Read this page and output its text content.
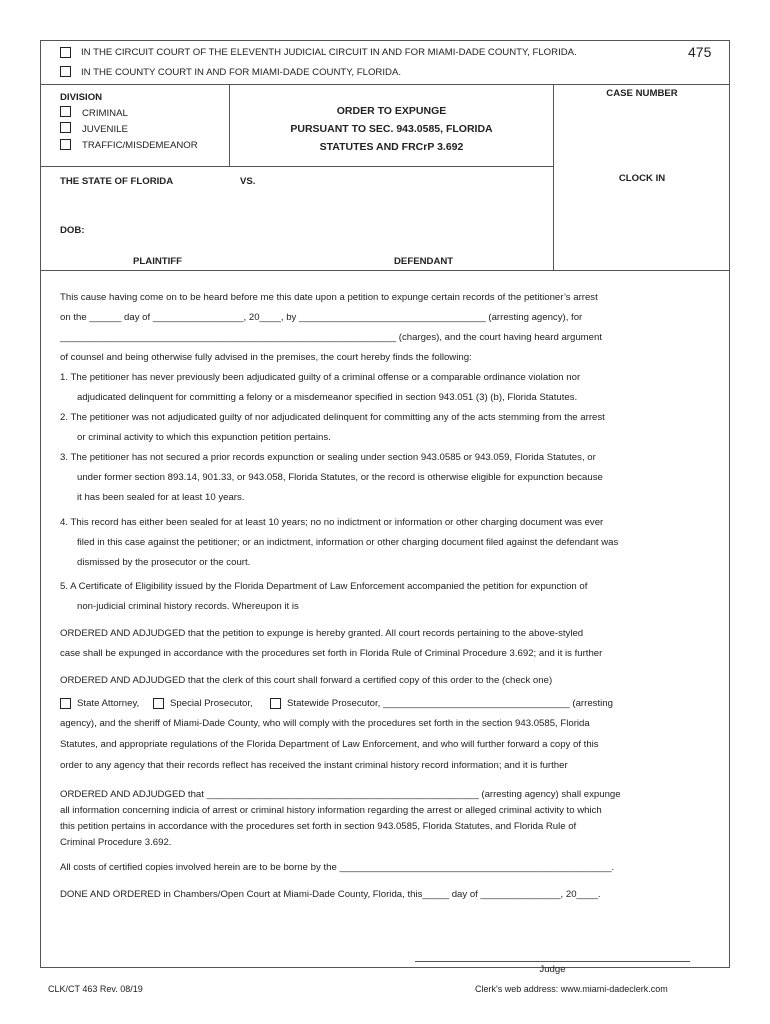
IN THE CIRCUIT COURT OF THE ELEVENTH JUDICIAL CIRCUIT IN AND FOR MIAMI-DADE COUNTY, FLORIDA.	475
IN THE COUNTY COURT IN AND FOR MIAMI-DADE COUNTY, FLORIDA.
DIVISION
CRIMINAL
JUVENILE
TRAFFIC/MISDEMEANOR
ORDER TO EXPUNGE
PURSUANT TO SEC. 943.0585, FLORIDA
STATUTES AND FRCrP 3.692
CASE NUMBER
CLOCK IN
THE STATE OF FLORIDA	VS.
DOB:
PLAINTIFF	DEFENDANT
This cause having come on to be heard before me this date upon a petition to expunge certain records of the petitioner’s arrest
on the ______ day of _________________, 20____, by ___________________________________ (arresting agency), for
_______________________________________________________________ (charges), and the court having heard argument
of counsel and being otherwise fully advised in the premises, the court hereby finds the following:
1. The petitioner has never previously been adjudicated guilty of a criminal offense or a comparable ordinance violation nor
adjudicated delinquent for committing a felony or a misdemeanor specified in section 943.051 (3) (b), Florida Statutes.
2. The petitioner was not adjudicated guilty of nor adjudicated delinquent for committing any of the acts stemming from the arrest
or criminal activity to which this expunction petition pertains.
3. The petitioner has not secured a prior records expunction or sealing under section 943.0585 or 943.059, Florida Statutes, or
under former section 893.14, 901.33, or 943.058, Florida Statutes, or the record is otherwise eligible for expunction because
it has been sealed for at least 10 years.
4. This record has either been sealed for at least 10 years; no no indictment or information or other charging document was ever
filed in this case against the petitioner; or an indictment, information or other charging document filed against the defendant was
dismissed by the prosecutor or the court.
5. A Certificate of Eligibility issued by the Florida Department of Law Enforcement accompanied the petition for expunction of
non-judicial criminal history records. Whereupon it is
ORDERED AND ADJUDGED that the petition to expunge is hereby granted. All court records pertaining to the above-styled
case shall be expunged in accordance with the procedures set forth in Florida Rule of Criminal Procedure 3.692; and it is further
ORDERED AND ADJUDGED that the clerk of this court shall forward a certified copy of this order to the (check one)
State Attorney,	Special Prosecutor,	Statewide Prosecutor, ___________________________________ (arresting
agency), and the sheriff of Miami-Dade County, who will comply with the procedures set forth in the section 943.0585, Florida
Statutes, and appropriate regulations of the Florida Department of Law Enforcement, and who will further forward a copy of this
order to any agency that their records reflect has received the instant criminal history record information; and it is further
ORDERED AND ADJUDGED that ___________________________________________________ (arresting agency) shall expunge
all information concerning indicia of arrest or criminal history information regarding the arrest or alleged criminal activity to which
this petition pertains in accordance with the procedures set forth in section 943.0585, Florida Statutes, and Florida Rule of
Criminal Procedure 3.692.
All costs of certified copies involved herein are to be borne by the ___________________________________________________.
DONE AND ORDERED in Chambers/Open Court at Miami-Dade County, Florida, this_____ day of _______________, 20____.
Judge
CLK/CT 463 Rev. 08/19	Clerk's web address: www.miami-dadeclerk.com
